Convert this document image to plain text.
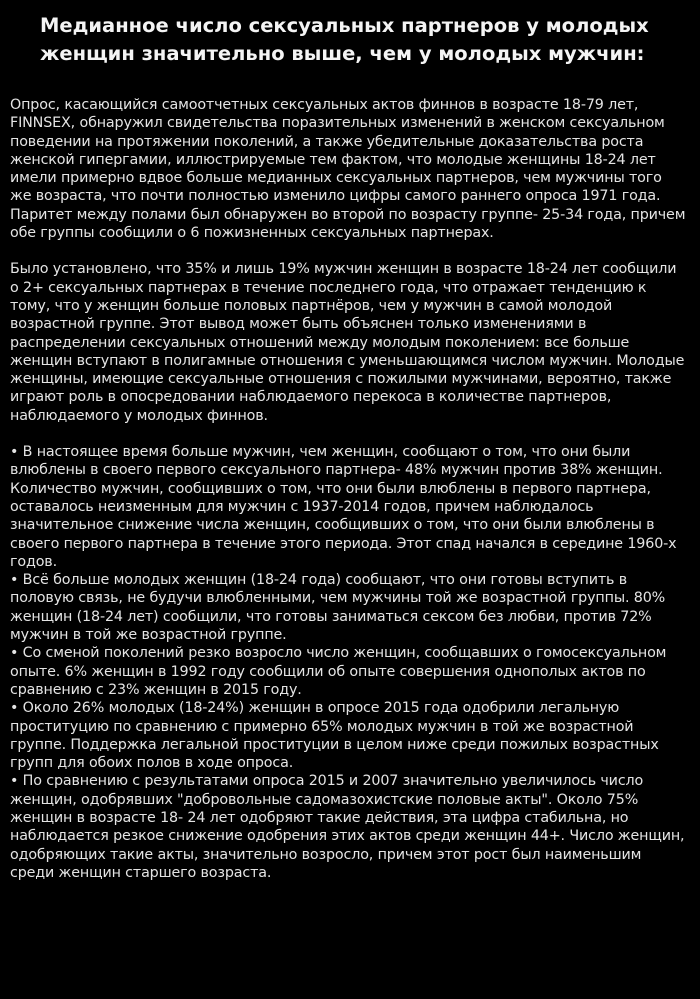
Медианное число сексуальных партнеров у молодых женщин значительно выше, чем у молодых мужчин:

Опрос, касающийся самоотчетных сексуальных актов финнов в возрасте 18-79 лет, FINNSEX, обнаружил свидетельства поразительных изменений в женском сексуальном поведении на протяжении поколений, а также убедительные доказательства роста женской гипергамии, иллюстрируемые тем фактом, что молодые женщины 18-24 лет имели примерно вдвое больше медианных сексуальных партнеров, чем мужчины того же возраста, что почти полностью изменило цифры самого раннего опроса 1971 года. Паритет между полами был обнаружен во второй по возрасту группе- 25-34 года, причем обе группы сообщили о 6 пожизненных сексуальных партнерах.

Было установлено, что 35% и лишь 19% мужчин женщин в возрасте 18-24 лет сообщили о 2+ сексуальных партнерах в течение последнего года, что отражает тенденцию к тому, что у женщин больше половых партнёров, чем у мужчин в самой молодой возрастной группе. Этот вывод может быть объяснен только изменениями в распределении сексуальных отношений между молодым поколением: все больше женщин вступают в полигамные отношения с уменьшающимся числом мужчин. Молодые женщины, имеющие сексуальные отношения с пожилыми мужчинами, вероятно, также играют роль в опосредовании наблюдаемого перекоса в количестве партнеров, наблюдаемого у молодых финнов.

• В настоящее время больше мужчин, чем женщин, сообщают о том, что они были влюблены в своего первого сексуального партнера- 48% мужчин против 38% женщин. Количество мужчин, сообщивших о том, что они были влюблены в первого партнера, оставалось неизменным для мужчин с 1937-2014 годов, причем наблюдалось значительное снижение числа женщин, сообщивших о том, что они были влюблены в своего первого партнера в течение этого периода. Этот спад начался в середине 1960-х годов.

• Всё больше молодых женщин (18-24 года) сообщают, что они готовы вступить в половую связь, не будучи влюбленными, чем мужчины той же возрастной группы. 80% женщин (18-24 лет) сообщили, что готовы заниматься сексом без любви, против 72% мужчин в той же возрастной группе.

• Со сменой поколений резко возросло число женщин, сообщавших о гомосексуальном опыте. 6% женщин в 1992 году сообщили об опыте совершения однополых актов по сравнению с 23% женщин в 2015 году.

• Около 26% молодых (18-24%) женщин в опросе 2015 года одобрили легальную проституцию по сравнению с примерно 65% молодых мужчин в той же возрастной группе. Поддержка легальной проституции в целом ниже среди пожилых возрастных групп для обоих полов в ходе опроса.

• По сравнению с результатами опроса 2015 и 2007 значительно увеличилось число женщин, одобрявших "добровольные садомазохистские половые акты". Около 75% женщин в возрасте 18- 24 лет одобряют такие действия, эта цифра стабильна, но наблюдается резкое снижение одобрения этих актов среди женщин 44+. Число женщин, одобряющих такие акты, значительно возросло, причем этот рост был наименьшим среди женщин старшего возраста.
